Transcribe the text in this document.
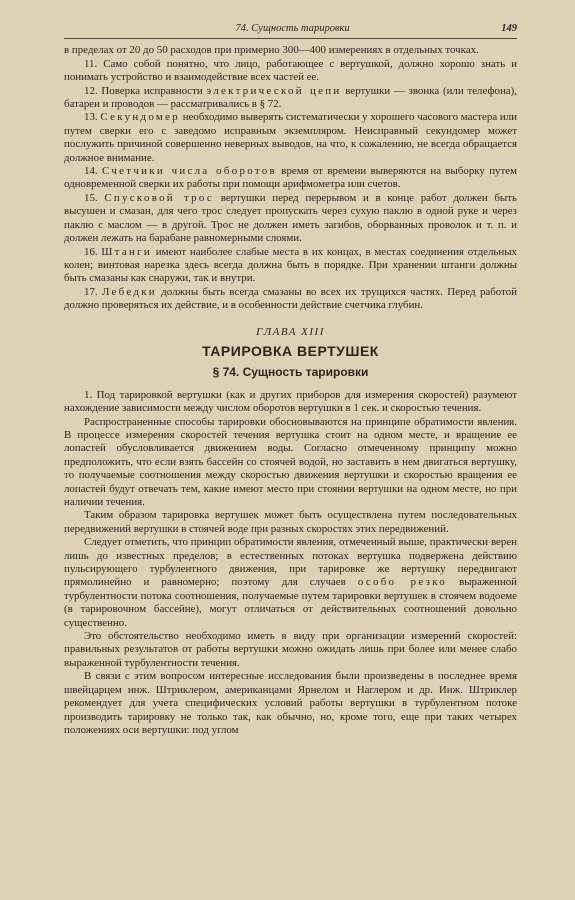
74. Сущность тарировки	149

в пределах от 20 до 50 расходов при примерно 300—400 измерениях в отдельных точках.

11. Само собой понятно, что лицо, работающее с вертушкой, должно хорошо знать и понимать устройство и взаимодействие всех частей ее.

12. Поверка исправности электрической цепи вертушки — звонка (или телефона), батареи и проводов — рассматривались в § 72.

13. Секундомер необходимо выверять систематически у хорошего часового мастера или путем сверки его с заведомо исправным экземпляром. Неисправный секундомер может послужить причиной совершенно неверных выводов, на что, к сожалению, не всегда обращается должное внимание.

14. Счетчики числа оборотов время от времени выверяются на выборку путем одновременной сверки их работы при помощи арифмометра или счетов.

15. Спусковой трос вертушки перед перерывом и в конце работ должен быть высушен и смазан, для чего трос следует пропускать через сухую паклю в одной руке и через паклю с маслом — в другой. Трос не должен иметь загибов, оборванных проволок и т. п. и должен лежать на барабане равномерными слоями.

16. Штанги имеют наиболее слабые места в их концах, в местах соединения отдельных колен; винтовая нарезка здесь всегда должна быть в порядке. При хранении штанги должны быть смазаны как снаружи, так и внутри.

17. Лебедки должны быть всегда смазаны во всех их трущихся частях. Перед работой должно проверяться их действие, и в особенности действие счетчика глубин.

ГЛАВА XIII
ТАРИРОВКА ВЕРТУШЕК
§ 74. Сущность тарировки

1. Под тарировкой вертушки (как и других приборов для измерения скоростей) разумеют нахождение зависимости между числом оборотов вертушки в 1 сек. и скоростью течения.

Распространенные способы тарировки обосновываются на принципе обратимости явления. В процессе измерения скоростей течения вертушка стоит на одном месте, и вращение ее лопастей обусловливается движением воды. Согласно отмеченному принципу можно предположить, что если взять бассейн со стоячей водой, но заставить в нем двигаться вертушку, то получаемые соотношения между скоростью движения вертушки и скоростью вращения ее лопастей будут отвечать тем, какие имеют место при стоянии вертушки на одном месте, но при наличии течения.

Таким образом тарировка вертушек может быть осуществлена путем последовательных передвижений вертушки в стоячей воде при разных скоростях этих передвижений.

Следует отметить, что принцип обратимости явления, отмеченный выше, практически верен лишь до известных пределов; в естественных потоках вертушка подвержена действию пульсирующего турбулентного движения, при тарировке же вертушку передвигают прямолинейно и равномерно; поэтому для случаев особо резко выраженной турбулентности потока соотношения, получаемые путем тарировки вертушек в стоячем водоеме (в тарировочном бассейне), могут отличаться от действительных соотношений довольно существенно.

Это обстоятельство необходимо иметь в виду при организации измерений скоростей: правильных результатов от работы вертушки можно ожидать лишь при более или менее слабо выраженной турбулентности течения.

В связи с этим вопросом интересные исследования были произведены в последнее время швейцарцем инж. Штриклером, американцами Ярнелом и Наглером и др. Инж. Штриклер рекомендует для учета специфических условий работы вертушки в турбулентном потоке производить тарировку не только так, как обычно, но, кроме того, еще при таких четырех положениях оси вертушки: под углом
